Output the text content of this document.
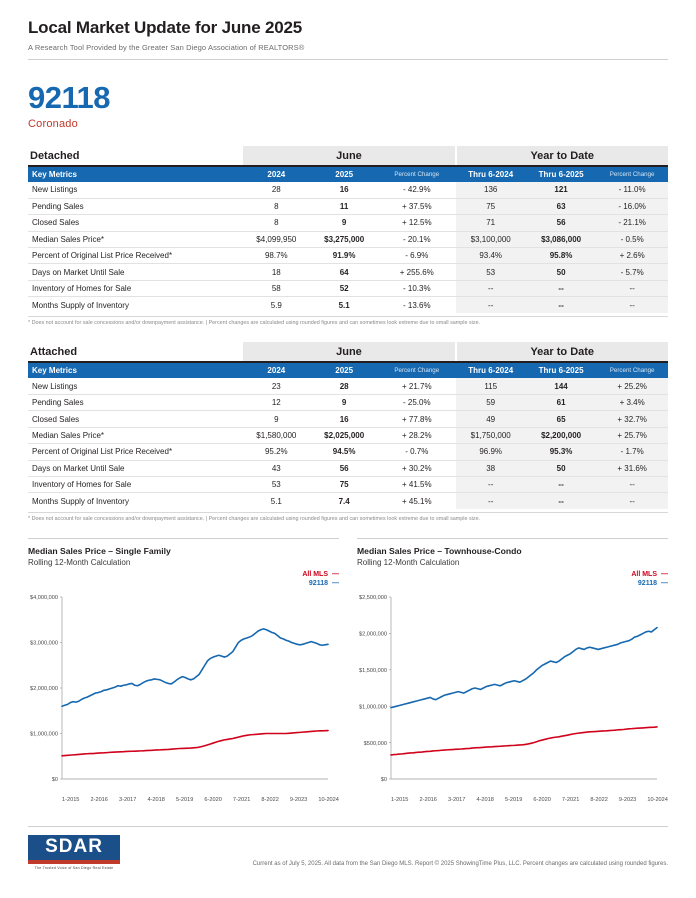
Local Market Update for June 2025
A Research Tool Provided by the Greater San Diego Association of REALTORS®
92118
Coronado
Detached	June			Year to Date		
Key Metrics	2024	2025	Percent Change	Thru 6-2024	Thru 6-2025	Percent Change
New Listings	28	16	- 42.9%	136	121	- 11.0%
Pending Sales	8	11	+ 37.5%	75	63	- 16.0%
Closed Sales	8	9	+ 12.5%	71	56	- 21.1%
Median Sales Price*	$4,099,950	$3,275,000	- 20.1%	$3,100,000	$3,086,000	- 0.5%
Percent of Original List Price Received*	98.7%	91.9%	- 6.9%	93.4%	95.8%	+ 2.6%
Days on Market Until Sale	18	64	+ 255.6%	53	50	- 5.7%
Inventory of Homes for Sale	58	52	- 10.3%	--	--	--
Months Supply of Inventory	5.9	5.1	- 13.6%	--	--	--
* Does not account for sale concessions and/or downpayment assistance. | Percent changes are calculated using rounded figures and can sometimes look extreme due to small sample size.
Attached	June			Year to Date		
Key Metrics	2024	2025	Percent Change	Thru 6-2024	Thru 6-2025	Percent Change
New Listings	23	28	+ 21.7%	115	144	+ 25.2%
Pending Sales	12	9	- 25.0%	59	61	+ 3.4%
Closed Sales	9	16	+ 77.8%	49	65	+ 32.7%
Median Sales Price*	$1,580,000	$2,025,000	+ 28.2%	$1,750,000	$2,200,000	+ 25.7%
Percent of Original List Price Received*	95.2%	94.5%	- 0.7%	96.9%	95.3%	- 1.7%
Days on Market Until Sale	43	56	+ 30.2%	38	50	+ 31.6%
Inventory of Homes for Sale	53	75	+ 41.5%	--	--	--
Months Supply of Inventory	5.1	7.4	+ 45.1%	--	--	--
* Does not account for sale concessions and/or downpayment assistance. | Percent changes are calculated using rounded figures and can sometimes look extreme due to small sample size.
Median Sales Price – Single Family
Rolling 12-Month Calculation
All MLS —
92118 —
$0
$1,000,000
$2,000,000
$3,000,000
$4,000,000
1-2015 2-2016 3-2017 4-2018 5-2019 6-2020 7-2021 8-2022 9-2023 10-2024
Median Sales Price – Townhouse-Condo
Rolling 12-Month Calculation
All MLS —
92118 —
$0
$500,000
$1,000,000
$1,500,000
$2,000,000
$2,500,000
1-2015 2-2016 3-2017 4-2018 5-2019 6-2020 7-2021 8-2022 9-2023 10-2024
SDAR
The Trusted Voice of San Diego Real Estate
Current as of July 5, 2025. All data from the San Diego MLS. Report © 2025 ShowingTime Plus, LLC. Percent changes are calculated using rounded figures.
